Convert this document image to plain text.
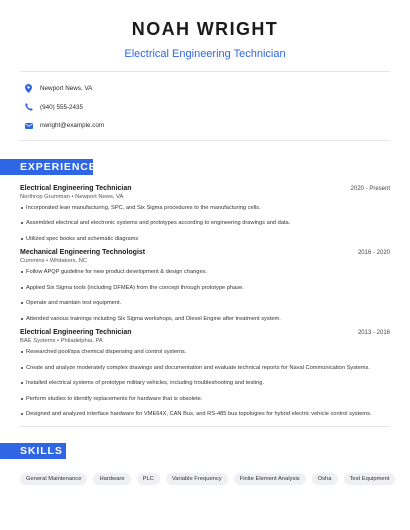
NOAH WRIGHT
Electrical Engineering Technician
Newport News, VA
(940) 555-2435
nwright@example.com
EXPERIENCE
Electrical Engineering Technician	2020 - Present
Northrop Grumman • Newport News, VA
Incorporated lean manufacturing, SPC, and Six Sigma procedures to the manufacturing cells.
Assembled electrical and electronic systems and prototypes according to engineering drawings and data.
Utilized spec books and schematic diagrams
Mechanical Engineering Technologist	2016 - 2020
Cummins • Whitakers, NC
Follow APQP guideline for new product development & design changes.
Applied Six Sigma tools (including DFMEA) from the concept through prototype phase.
Operate and maintain test equipment.
Attended various trainings including Six Sigma workshops, and Diesel Engine after treatment system.
Electrical Engineering Technician	2013 - 2016
BAE Systems • Philadelphia, PA
Researched pool/spa chemical dispensing and control systems.
Create and analyze moderately complex drawings and documentation and evaluate technical reports for Naval Communication Systems.
Installed electrical systems of prototype military vehicles, including troubleshooting and testing.
Perform studies to identify replacements for hardware that is obsolete.
Designed and analyzed interface hardware for VME64X, CAN Bus, and RS-485 bus topologies for hybrid electric vehicle control systems.
SKILLS
General Maintenance	Hardware	PLC	Variable Frequency	Finite Element Analysis	Osha	Test Equipment
